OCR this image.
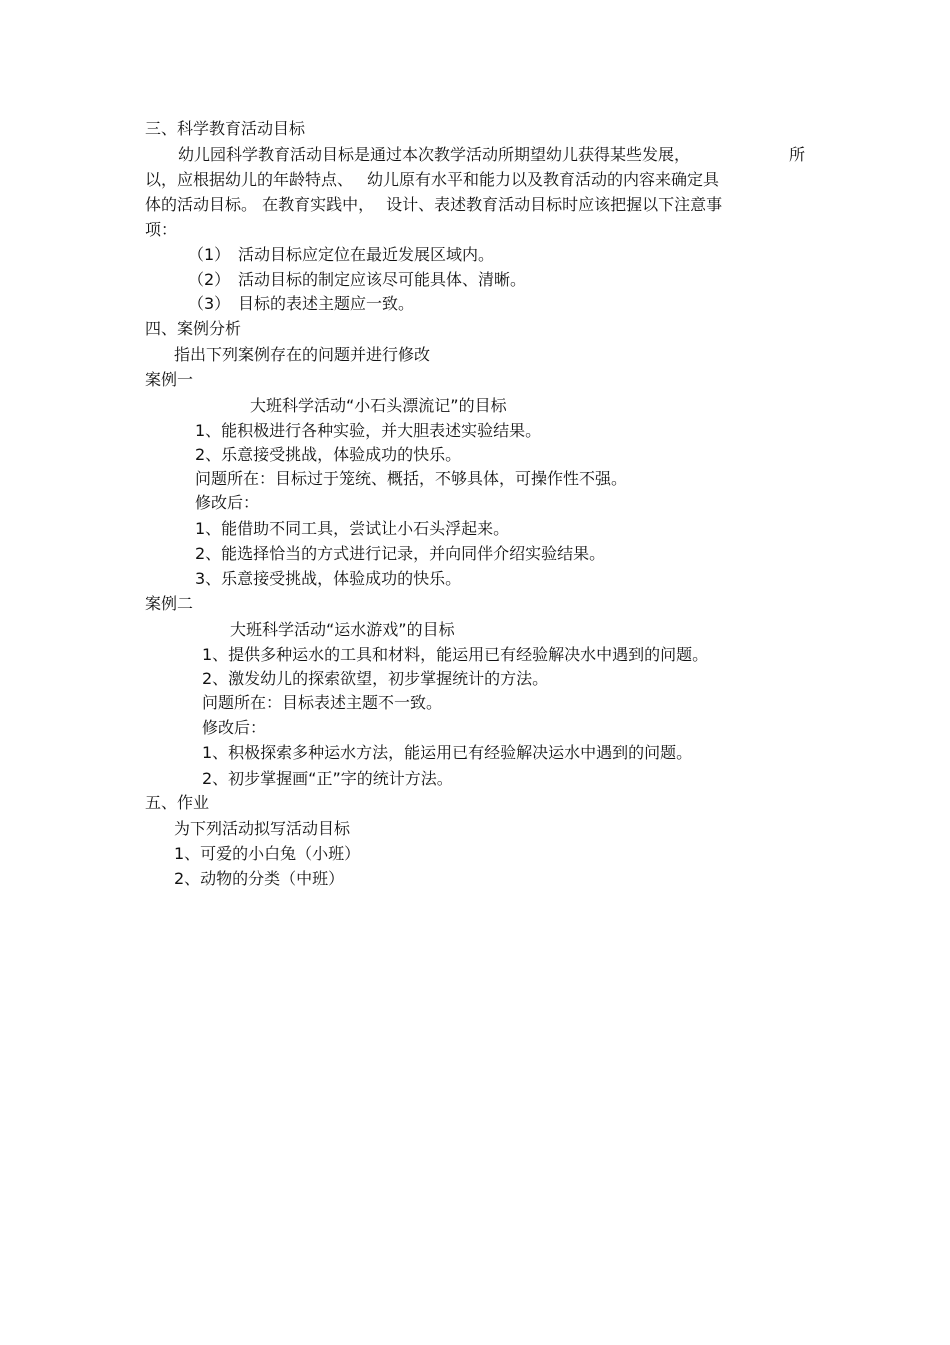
三、科学教育活动目标
幼儿园科学教育活动目标是通过本次教学活动所期望幼儿获得某些发展，	所
以，应根据幼儿的年龄特点、 幼儿原有水平和能力以及教育活动的内容来确定具
体的活动目标。 在教育实践中， 设计、表述教育活动目标时应该把握以下注意事
项：
（1） 活动目标应定位在最近发展区域内。
（2） 活动目标的制定应该尽可能具体、清晰。
（3） 目标的表述主题应一致。
四、案例分析
指出下列案例存在的问题并进行修改
案例一
大班科学活动“小石头漂流记”的目标
1、能积极进行各种实验，并大胆表述实验结果。
2、乐意接受挑战，体验成功的快乐。
问题所在：目标过于笼统、概括，不够具体，可操作性不强。
修改后：
1、能借助不同工具，尝试让小石头浮起来。
2、能选择恰当的方式进行记录，并向同伴介绍实验结果。
3、乐意接受挑战，体验成功的快乐。
案例二
大班科学活动“运水游戏”的目标
1、提供多种运水的工具和材料，能运用已有经验解决水中遇到的问题。
2、激发幼儿的探索欲望，初步掌握统计的方法。
问题所在：目标表述主题不一致。
修改后：
1、积极探索多种运水方法，能运用已有经验解决运水中遇到的问题。
2、初步掌握画“正”字的统计方法。
五、作业
为下列活动拟写活动目标
1、可爱的小白兔（小班）
2、动物的分类（中班）
